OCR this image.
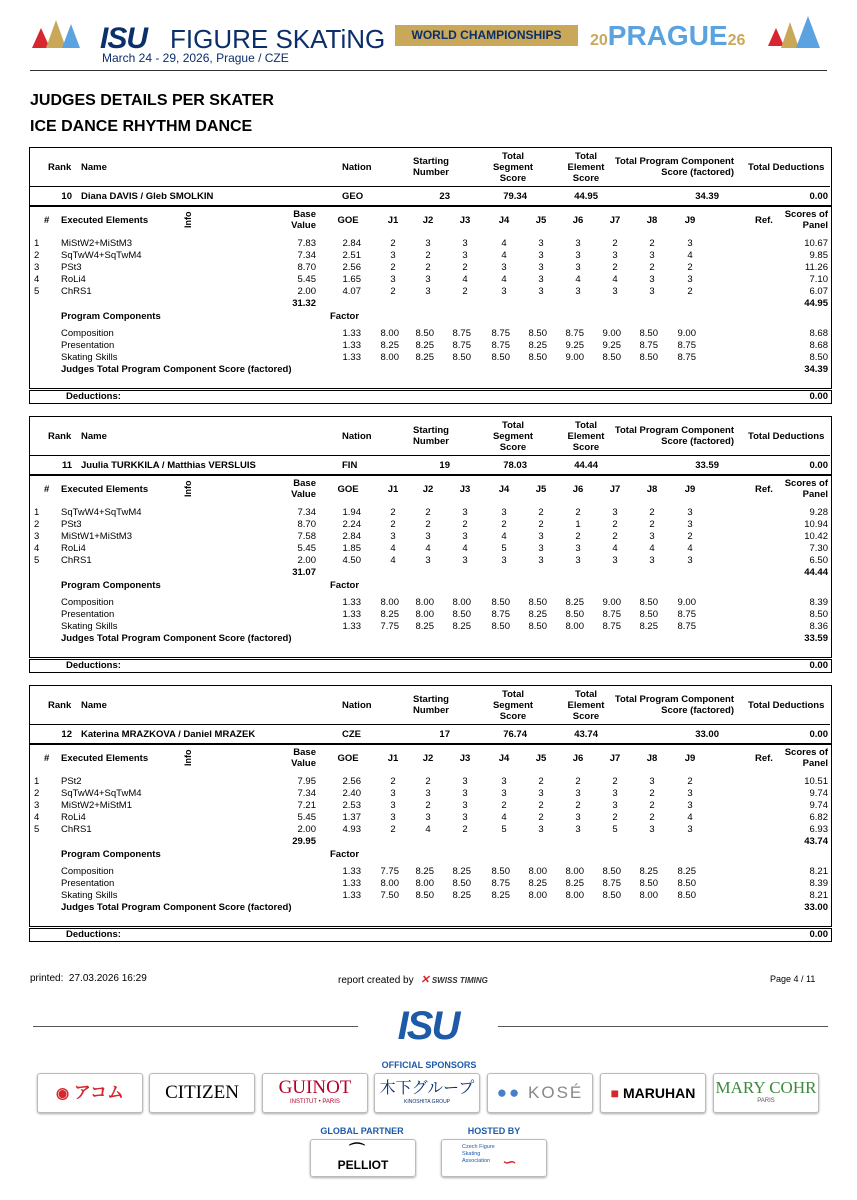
ISU FIGURE SKATiNG	WORLD CHAMPIONSHIPS	20PRAGUE26
March 24 - 29, 2026, Prague / CZE
JUDGES DETAILS PER SKATER
ICE DANCE RHYTHM DANCE
Rank Name	Nation
Starting
Number
Total
Segment
Score
Total
Element
Score
Total Program Component
Score (factored) Total Deductions
10 Diana DAVIS / Gleb SMOLKIN	GEO	23	79.34	44.95	34.39	0.00
# Executed Elements	Info	Base
Value	GOE	J1	J2	J3	J4	J5	J6	J7	J8	J9	Ref.
Scores of
Panel
1 MiStW2+MiStM3	7.83	2.84	2	3	3	4	3	3	2	2	3	10.67
2 SqTwW4+SqTwM4	7.34	2.51	3	2	3	4	3	3	3	3	4	9.85
3 PSt3	8.70	2.56	2	2	2	3	3	3	2	2	2	11.26
4 RoLi4	5.45	1.65	3	3	4	4	3	4	4	3	3	7.10
5 ChRS1	2.00	4.07	2	3	2	3	3	3	3	3	2	6.07
31.32	44.95
Program Components	Factor
Composition	1.33	8.00	8.50	8.75	8.75	8.50	8.75	9.00	8.50	9.00	8.68
Presentation	1.33	8.25	8.25	8.75	8.75	8.25	9.25	9.25	8.75	8.75	8.68
Skating Skills	1.33	8.00	8.25	8.50	8.50	8.50	9.00	8.50	8.50	8.75	8.50
Judges Total Program Component Score (factored)	34.39
Deductions:	0.00
Rank Name	Nation
Starting
Number
Total
Segment
Score
Total
Element
Score
Total Program Component
Score (factored) Total Deductions
11 Juulia TURKKILA / Matthias VERSLUIS	FIN	19	78.03	44.44	33.59	0.00
# Executed Elements	Info	Base
Value	GOE	J1	J2	J3	J4	J5	J6	J7	J8	J9	Ref.
Scores of
Panel
1 SqTwW4+SqTwM4	7.34	1.94	2	2	3	3	2	2	3	2	3	9.28
2 PSt3	8.70	2.24	2	2	2	2	2	1	2	2	3	10.94
3 MiStW1+MiStM3	7.58	2.84	3	3	3	4	3	2	2	3	2	10.42
4 RoLi4	5.45	1.85	4	4	4	5	3	3	4	4	4	7.30
5 ChRS1	2.00	4.50	4	3	3	3	3	3	3	3	3	6.50
31.07	44.44
Program Components	Factor
Composition	1.33	8.00	8.00	8.00	8.50	8.50	8.25	9.00	8.50	9.00	8.39
Presentation	1.33	8.25	8.00	8.50	8.75	8.25	8.50	8.75	8.50	8.75	8.50
Skating Skills	1.33	7.75	8.25	8.25	8.50	8.50	8.00	8.75	8.25	8.75	8.36
Judges Total Program Component Score (factored)	33.59
Deductions:	0.00
Rank Name	Nation
Starting
Number
Total
Segment
Score
Total
Element
Score
Total Program Component
Score (factored) Total Deductions
12 Katerina MRAZKOVA / Daniel MRAZEK	CZE	17	76.74	43.74	33.00	0.00
# Executed Elements	Info	Base
Value	GOE	J1	J2	J3	J4	J5	J6	J7	J8	J9	Ref.
Scores of
Panel
1 PSt2	7.95	2.56	2	2	3	3	2	2	2	3	2	10.51
2 SqTwW4+SqTwM4	7.34	2.40	3	3	3	3	3	3	3	2	3	9.74
3 MiStW2+MiStM1	7.21	2.53	3	2	3	2	2	2	3	2	3	9.74
4 RoLi4	5.45	1.37	3	3	3	4	2	3	2	2	4	6.82
5 ChRS1	2.00	4.93	2	4	2	5	3	3	5	3	3	6.93
29.95	43.74
Program Components	Factor
Composition	1.33	7.75	8.25	8.25	8.50	8.00	8.00	8.50	8.25	8.25	8.21
Presentation	1.33	8.00	8.00	8.50	8.75	8.25	8.25	8.75	8.50	8.50	8.39
Skating Skills	1.33	7.50	8.50	8.25	8.25	8.00	8.00	8.50	8.00	8.50	8.21
Judges Total Program Component Score (factored)	33.00
Deductions:	0.00
printed: 27.03.2026 16:29	report created by ✕ SWISS TIMING	Page 4 / 11
ISU
OFFICIAL SPONSORS
◉ アコム	CITIZEN	GUINOT
INSTITUT • PARIS
木下グループ
KINOSHITA GROUP	●● KOSÉ	■ MARUHAN	MARY COHR
PARIS
GLOBAL PARTNER
⌒
PELLIOT
HOSTED BY
Czech Figure Skating Association ∽
